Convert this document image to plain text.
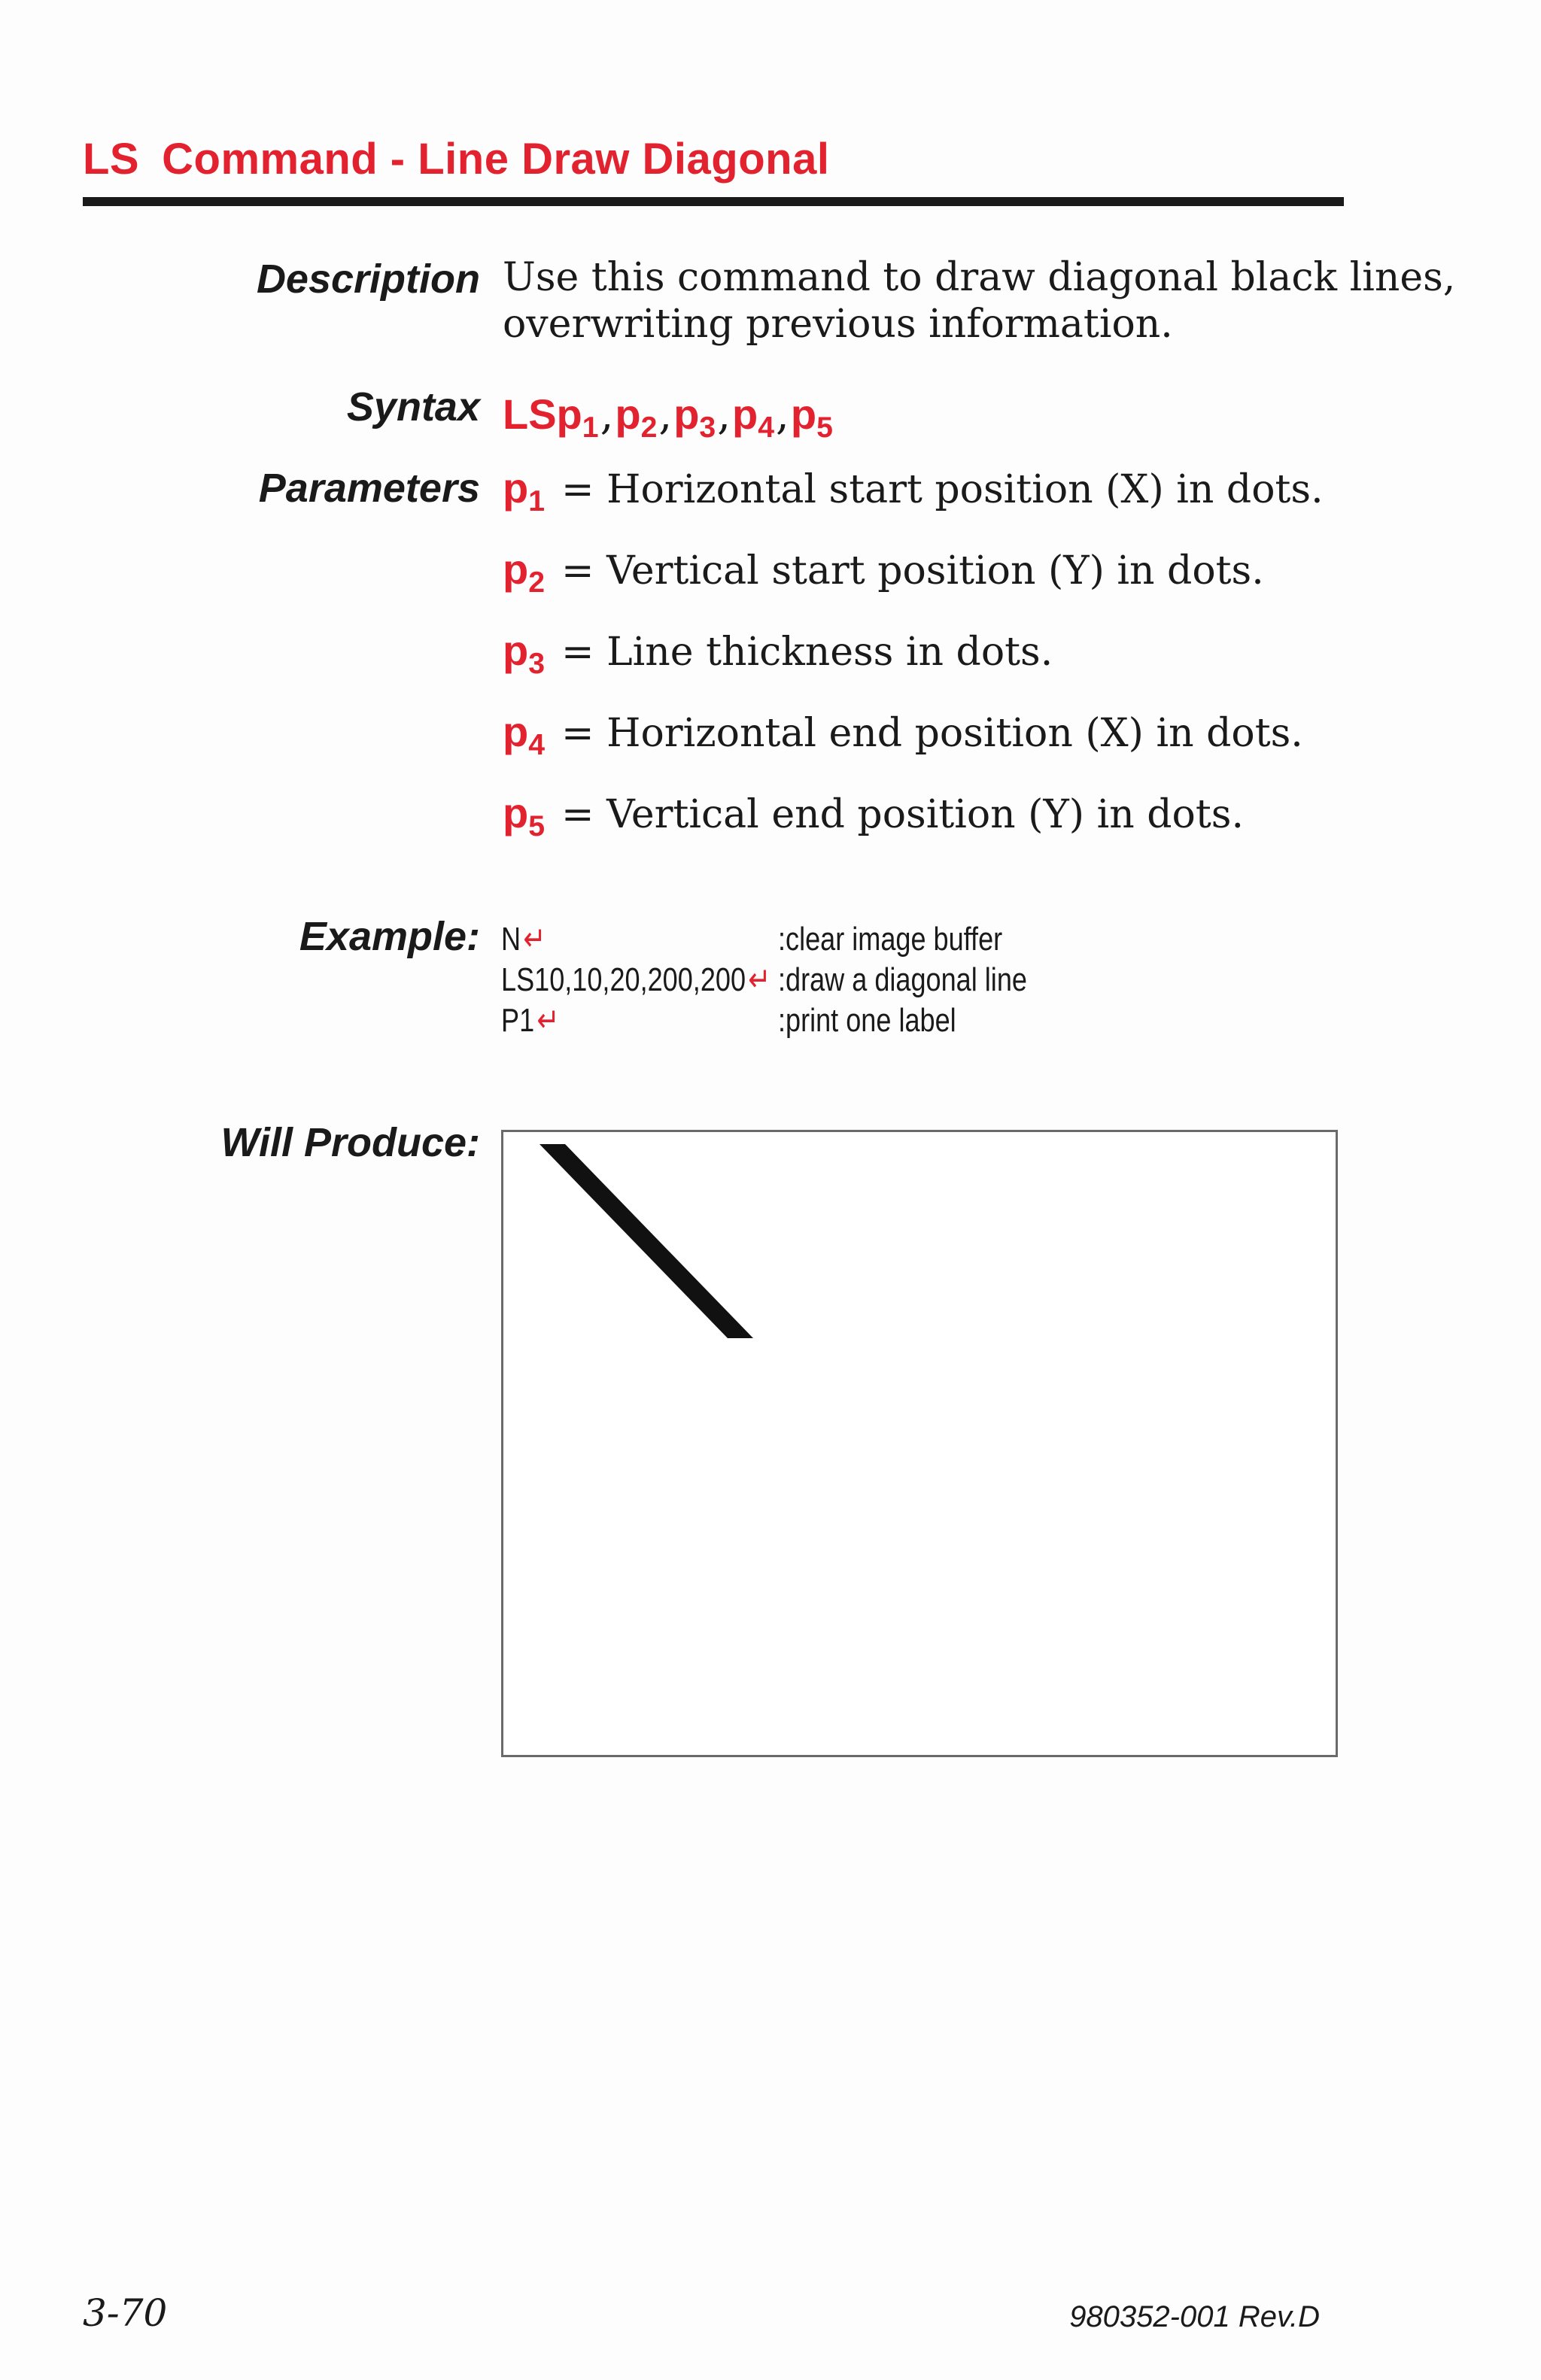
LS Command - Line Draw Diagonal
Description Use this command to draw diagonal black lines,
overwriting previous information.
Syntax $LSp_1,p_2,p_3,p_4,p_5$
Parameters $p_1$ = Horizontal start position (X) in dots.
$p_2$ = Vertical start position (Y) in dots.
$p_3$ = Line thickness in dots.
$p_4$ = Horizontal end position (X) in dots.
$p_5$ = Vertical end position (Y) in dots.
Example: N↵
LS10,10,20,200,200↵
P1↵
:clear image buffer
:draw a diagonal line
:print one label
Will Produce:
3-70	980352-001 Rev.D
